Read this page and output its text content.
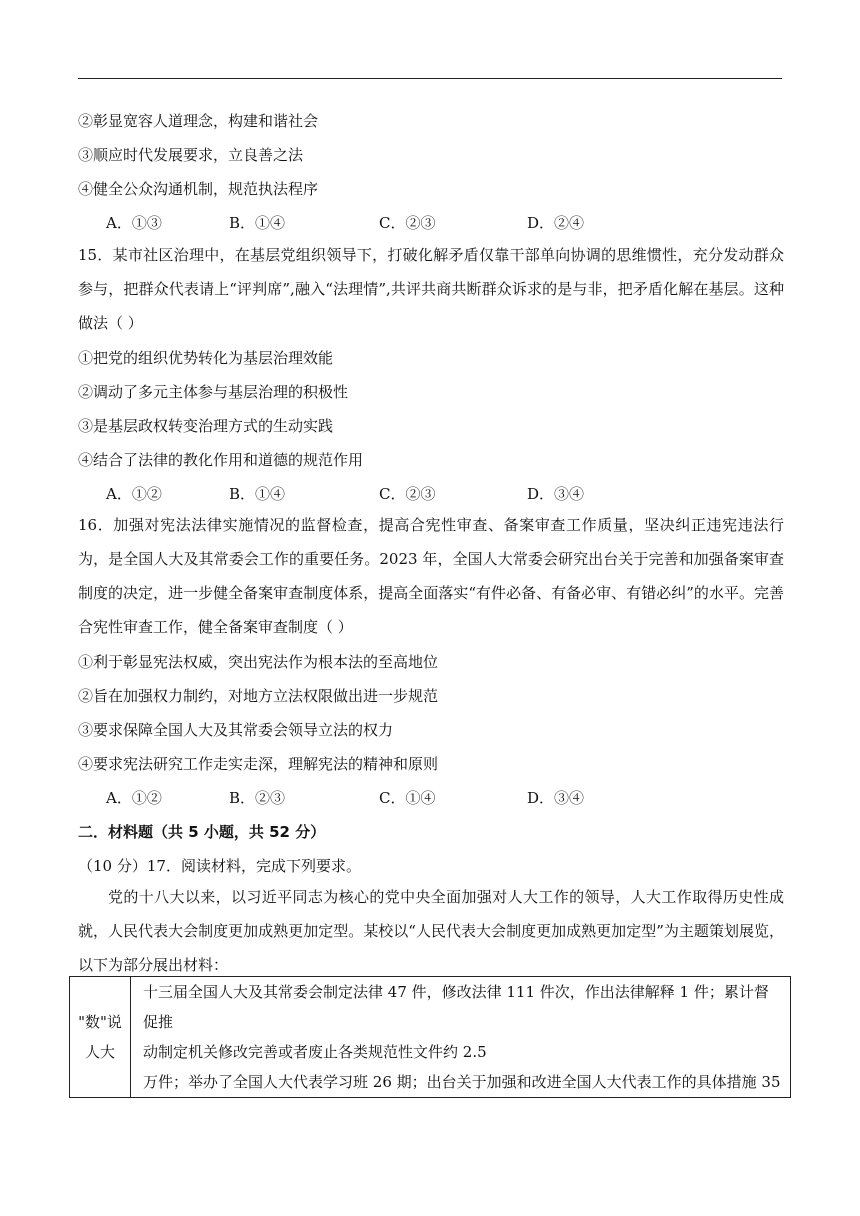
②彰显宽容人道理念，构建和谐社会
③顺应时代发展要求，立良善之法
④健全公众沟通机制，规范执法程序
A．①③	B．①④	C．②③	D．②④
15．某市社区治理中，在基层党组织领导下，打破化解矛盾仅靠干部单向协调的思维惯性，充分发动群众参与，把群众代表请上“评判席”,融入“法理情”,共评共商共断群众诉求的是与非，把矛盾化解在基层。这种做法（ ）
①把党的组织优势转化为基层治理效能
②调动了多元主体参与基层治理的积极性
③是基层政权转变治理方式的生动实践
④结合了法律的教化作用和道德的规范作用
A．①②	B．①④	C．②③	D．③④
16．加强对宪法法律实施情况的监督检查，提高合宪性审查、备案审查工作质量，坚决纠正违宪违法行为，是全国人大及其常委会工作的重要任务。2023 年，全国人大常委会研究出台关于完善和加强备案审查制度的决定，进一步健全备案审查制度体系，提高全面落实“有件必备、有备必审、有错必纠”的水平。完善合宪性审查工作，健全备案审查制度（ ）
①利于彰显宪法权威，突出宪法作为根本法的至高地位
②旨在加强权力制约，对地方立法权限做出进一步规范
③要求保障全国人大及其常委会领导立法的权力
④要求宪法研究工作走实走深，理解宪法的精神和原则
A．①②	B．②③	C．①④	D．③④
二．材料题（共 5 小题，共 52 分）
（10 分）17．阅读材料，完成下列要求。
党的十八大以来，以习近平同志为核心的党中央全面加强对人大工作的领导，人大工作取得历史性成就，人民代表大会制度更加成熟更加定型。某校以“人民代表大会制度更加成熟更加定型”为主题策划展览，以下为部分展出材料：
"数"说
人大

十三届全国人大及其常委会制定法律 47 件，修改法律 111 件次，作出法律解释 1 件；累计督促推
动制定机关修改完善或者废止各类规范性文件约 2.5
万件；举办了全国人大代表学习班 26 期；出台关于加强和改进全国人大代表工作的具体措施 35
